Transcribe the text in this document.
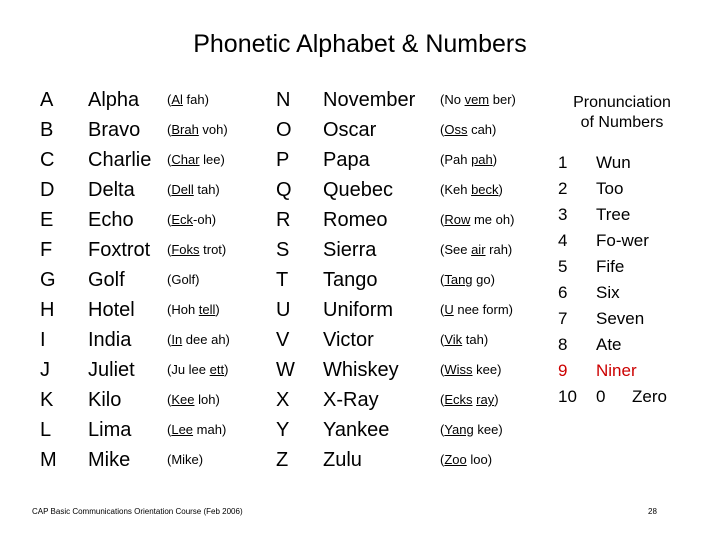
Phonetic Alphabet & Numbers
A
B
C
D
E
F
G
H
I
J
K
L
M
Alpha
Bravo
Charlie
Delta
Echo
Foxtrot
Golf
Hotel
India
Juliet
Kilo
Lima
Mike
(Al fah)
(Brah voh)
(Char lee)
(Dell tah)
(Eck-oh)
(Foks trot)
(Golf)
(Hoh tell)
(In dee ah)
(Ju lee ett)
(Kee loh)
(Lee mah)
(Mike)
N
O
P
Q
R
S
T
U
V
W
X
Y
Z
November
Oscar
Papa
Quebec
Romeo
Sierra
Tango
Uniform
Victor
Whiskey
X-Ray
Yankee
Zulu
(No vem ber)
(Oss cah)
(Pah pah)
(Keh beck)
(Row me oh)
(See air rah)
(Tang go)
(U nee form)
(Vik tah)
(Wiss kee)
(Ecks ray)
(Yang kee)
(Zoo loo)
Pronunciation
of Numbers
1 Wun
2 Too
3 Tree
4 Fo-wer
5 Fife
6 Six
7 Seven
8 Ate
9 Niner
10 0 Zero
CAP Basic Communications Orientation Course (Feb 2006)	28
